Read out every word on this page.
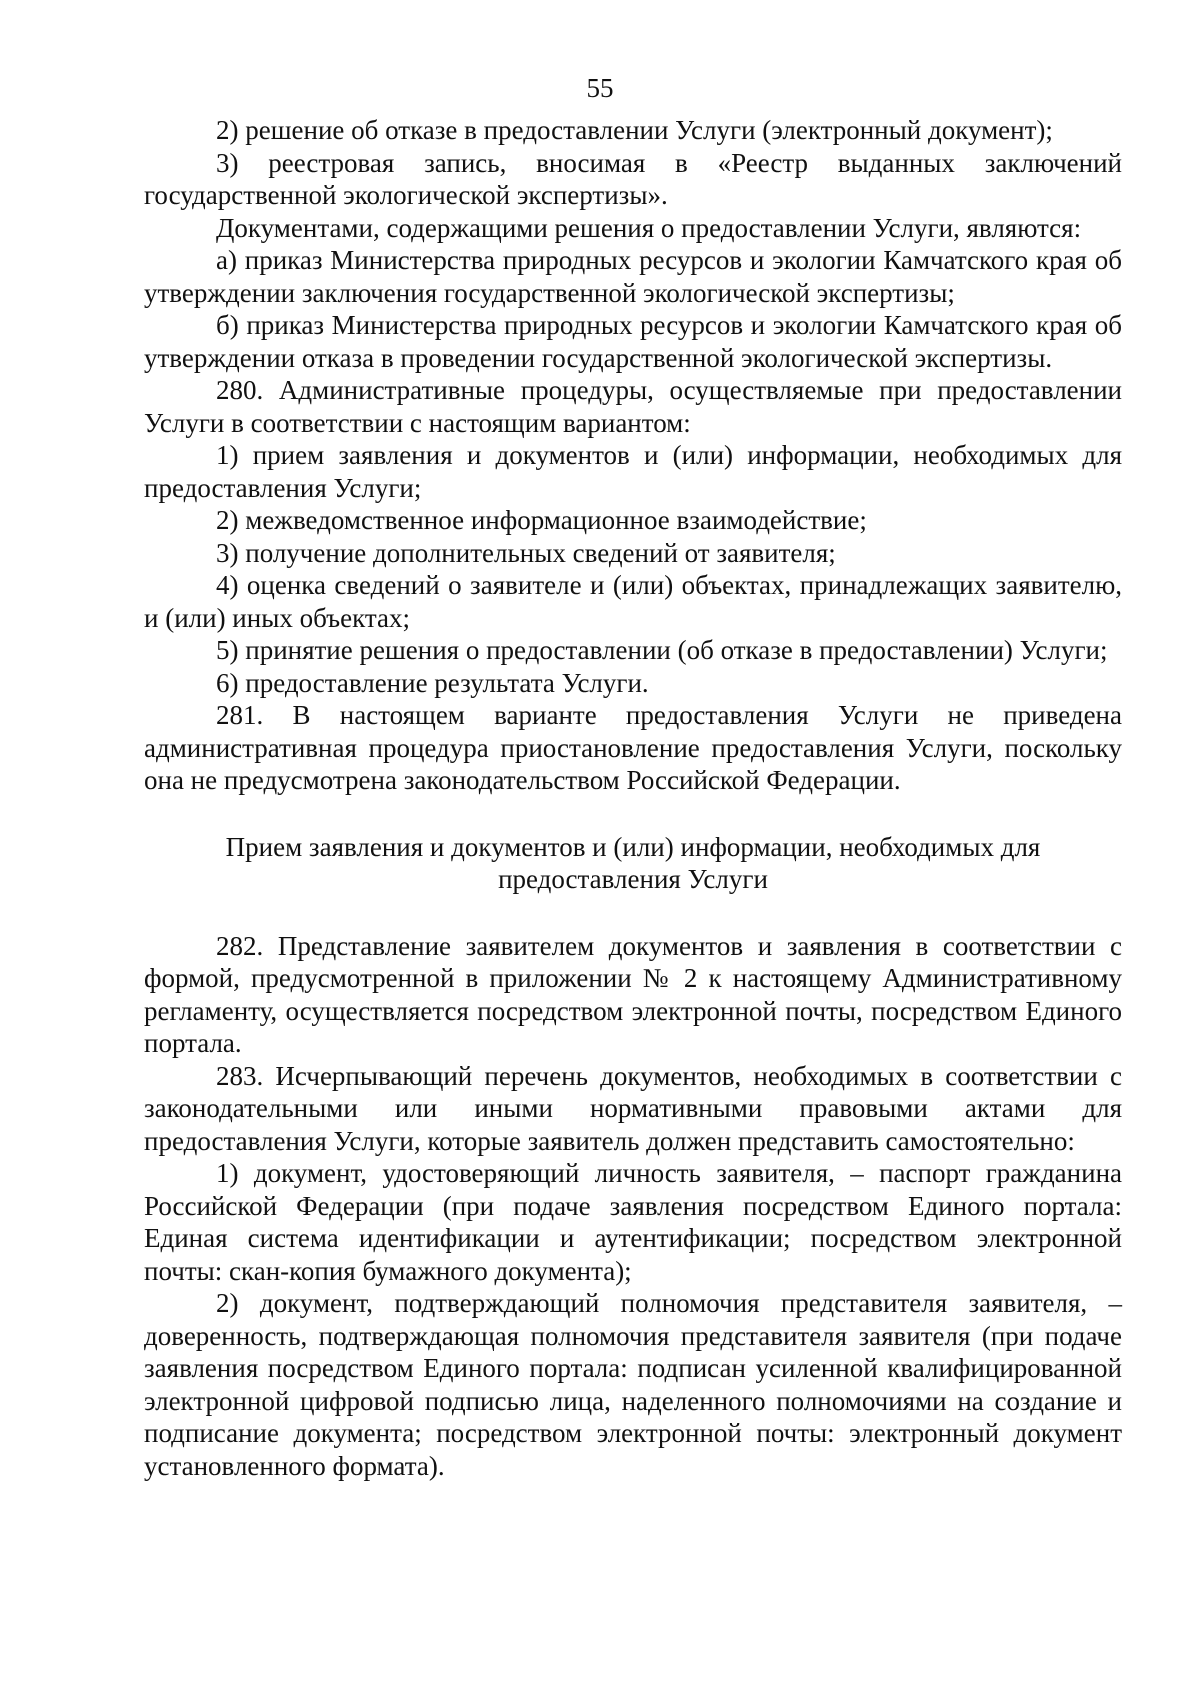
55

2) решение об отказе в предоставлении Услуги (электронный документ);

3) реестровая запись, вносимая в «Реестр выданных заключений государственной экологической экспертизы».

Документами, содержащими решения о предоставлении Услуги, являются:

а) приказ Министерства природных ресурсов и экологии Камчатского края об утверждении заключения государственной экологической экспертизы;

б) приказ Министерства природных ресурсов и экологии Камчатского края об утверждении отказа в проведении государственной экологической экспертизы.

280. Административные процедуры, осуществляемые при предоставлении Услуги в соответствии с настоящим вариантом:

1) прием заявления и документов и (или) информации, необходимых для предоставления Услуги;

2) межведомственное информационное взаимодействие;

3) получение дополнительных сведений от заявителя;

4) оценка сведений о заявителе и (или) объектах, принадлежащих заявителю, и (или) иных объектах;

5) принятие решения о предоставлении (об отказе в предоставлении) Услуги;

6) предоставление результата Услуги.

281. В настоящем варианте предоставления Услуги не приведена административная процедура приостановление предоставления Услуги, поскольку она не предусмотрена законодательством Российской Федерации.

Прием заявления и документов и (или) информации, необходимых для
предоставления Услуги

282. Представление заявителем документов и заявления в соответствии с формой, предусмотренной в приложении № 2 к настоящему Административному регламенту, осуществляется посредством электронной почты, посредством Единого портала.

283. Исчерпывающий перечень документов, необходимых в соответствии с законодательными или иными нормативными правовыми актами для предоставления Услуги, которые заявитель должен представить самостоятельно:

1) документ, удостоверяющий личность заявителя, – паспорт гражданина Российской Федерации (при подаче заявления посредством Единого портала: Единая система идентификации и аутентификации; посредством электронной почты: скан-копия бумажного документа);

2) документ, подтверждающий полномочия представителя заявителя, – доверенность, подтверждающая полномочия представителя заявителя (при подаче заявления посредством Единого портала: подписан усиленной квалифицированной электронной цифровой подписью лица, наделенного полномочиями на создание и подписание документа; посредством электронной почты: электронный документ установленного формата).
